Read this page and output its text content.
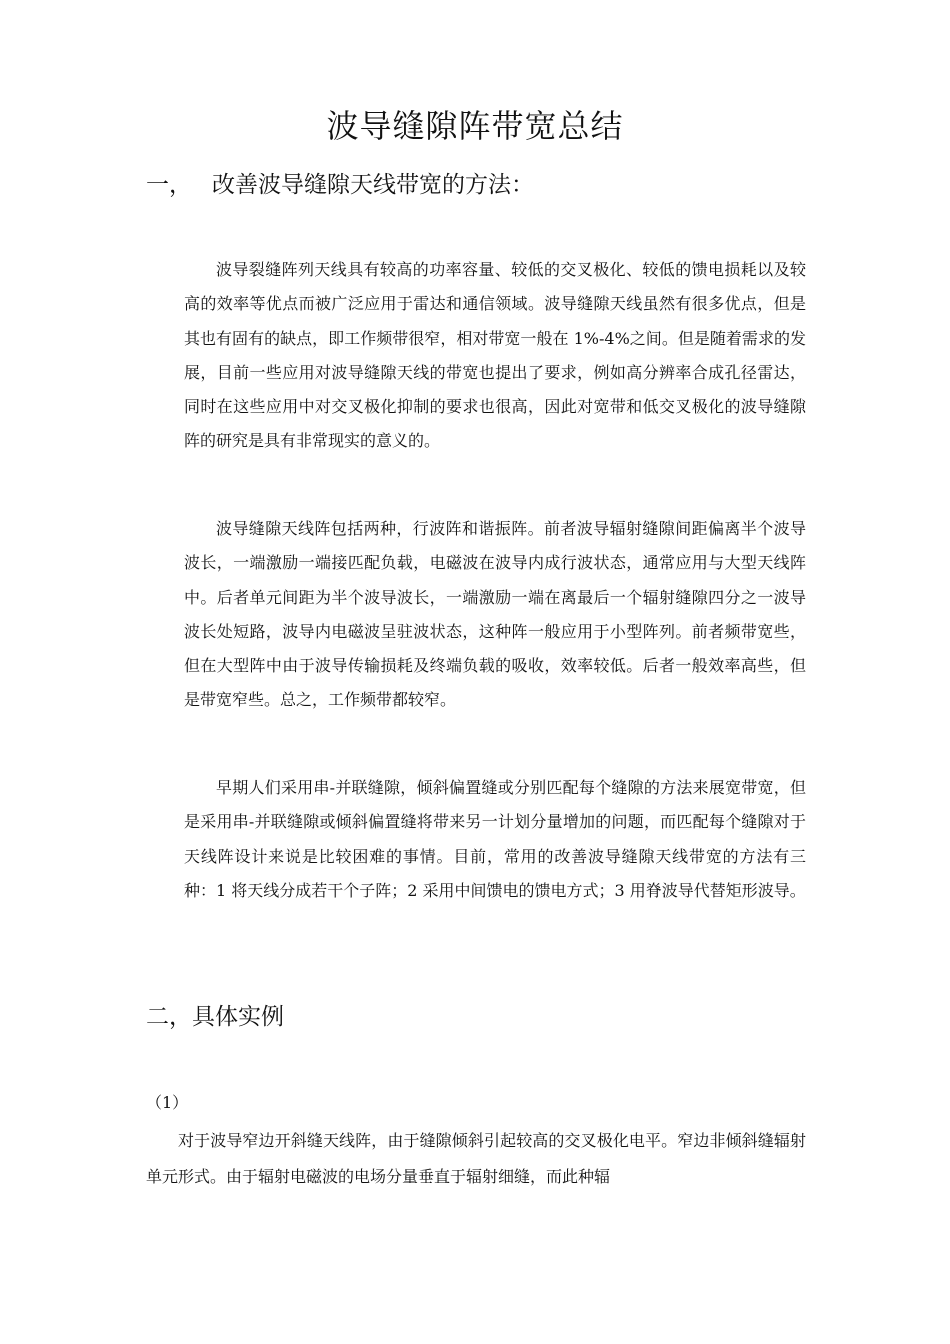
波导缝隙阵带宽总结
一， 改善波导缝隙天线带宽的方法：

波导裂缝阵列天线具有较高的功率容量、较低的交叉极化、较低的馈电损耗以及较高的效率等优点而被广泛应用于雷达和通信领域。波导缝隙天线虽然有很多优点，但是其也有固有的缺点，即工作频带很窄，相对带宽一般在 1%-4%之间。但是随着需求的发展，目前一些应用对波导缝隙天线的带宽也提出了要求，例如高分辨率合成孔径雷达，同时在这些应用中对交叉极化抑制的要求也很高，因此对宽带和低交叉极化的波导缝隙阵的研究是具有非常现实的意义的。

波导缝隙天线阵包括两种，行波阵和谐振阵。前者波导辐射缝隙间距偏离半个波导波长，一端激励一端接匹配负载，电磁波在波导内成行波状态，通常应用与大型天线阵中。后者单元间距为半个波导波长，一端激励一端在离最后一个辐射缝隙四分之一波导波长处短路，波导内电磁波呈驻波状态，这种阵一般应用于小型阵列。前者频带宽些，但在大型阵中由于波导传输损耗及终端负载的吸收，效率较低。后者一般效率高些，但是带宽窄些。总之，工作频带都较窄。

早期人们采用串-并联缝隙，倾斜偏置缝或分别匹配每个缝隙的方法来展宽带宽，但是采用串-并联缝隙或倾斜偏置缝将带来另一计划分量增加的问题，而匹配每个缝隙对于天线阵设计来说是比较困难的事情。目前，常用的改善波导缝隙天线带宽的方法有三种：1 将天线分成若干个子阵；2 采用中间馈电的馈电方式；3 用脊波导代替矩形波导。

二，具体实例
（1）

对于波导窄边开斜缝天线阵，由于缝隙倾斜引起较高的交叉极化电平。窄边非倾斜缝辐射单元形式。由于辐射电磁波的电场分量垂直于辐射细缝，而此种辐
